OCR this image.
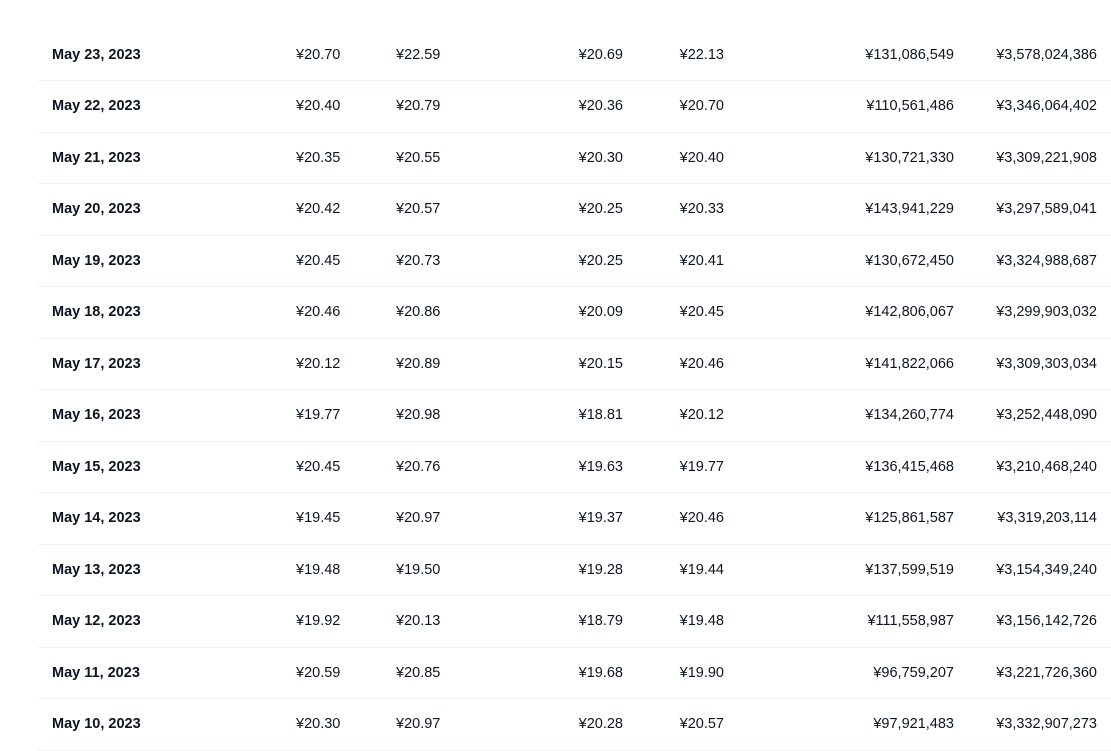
May 23, 2023	¥20.70	¥22.59	¥20.69	¥22.13	¥131,086,549	¥3,578,024,386
May 22, 2023	¥20.40	¥20.79	¥20.36	¥20.70	¥110,561,486	¥3,346,064,402
May 21, 2023	¥20.35	¥20.55	¥20.30	¥20.40	¥130,721,330	¥3,309,221,908
May 20, 2023	¥20.42	¥20.57	¥20.25	¥20.33	¥143,941,229	¥3,297,589,041
May 19, 2023	¥20.45	¥20.73	¥20.25	¥20.41	¥130,672,450	¥3,324,988,687
May 18, 2023	¥20.46	¥20.86	¥20.09	¥20.45	¥142,806,067	¥3,299,903,032
May 17, 2023	¥20.12	¥20.89	¥20.15	¥20.46	¥141,822,066	¥3,309,303,034
May 16, 2023	¥19.77	¥20.98	¥18.81	¥20.12	¥134,260,774	¥3,252,448,090
May 15, 2023	¥20.45	¥20.76	¥19.63	¥19.77	¥136,415,468	¥3,210,468,240
May 14, 2023	¥19.45	¥20.97	¥19.37	¥20.46	¥125,861,587	¥3,319,203,114
May 13, 2023	¥19.48	¥19.50	¥19.28	¥19.44	¥137,599,519	¥3,154,349,240
May 12, 2023	¥19.92	¥20.13	¥18.79	¥19.48	¥111,558,987	¥3,156,142,726
May 11, 2023	¥20.59	¥20.85	¥19.68	¥19.90	¥96,759,207	¥3,221,726,360
May 10, 2023	¥20.30	¥20.97	¥20.28	¥20.57	¥97,921,483	¥3,332,907,273
